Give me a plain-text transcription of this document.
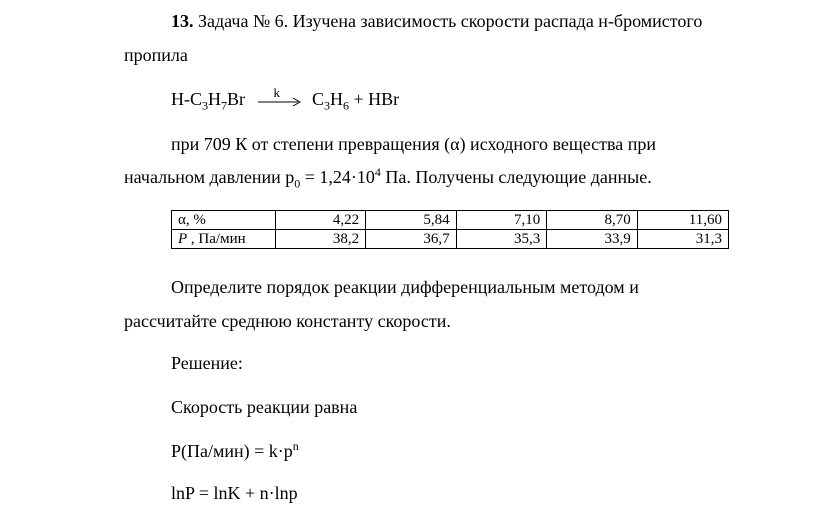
13. Задача № 6. Изучена зависимость скорости распада н-бромистого
пропила
$H-C_3H_7Br$ k $C_3H_6$ + HBr
при 709 К от степени превращения (α) исходного вещества при
начальном давлении $p_0 = 1,24\cdot 10^4$ Па. Получены следующие данные.
α, %	4,22	5,84	7,10	8,70	11,60
P , Па/мин	38,2	36,7	35,3	33,9	31,3
Определите порядок реакции дифференциальным методом и
рассчитайте среднюю константу скорости.
Решение:
Скорость реакции равна
$P(Па/мин) = k\cdot p^n$
lnP = lnK + n·lnp
